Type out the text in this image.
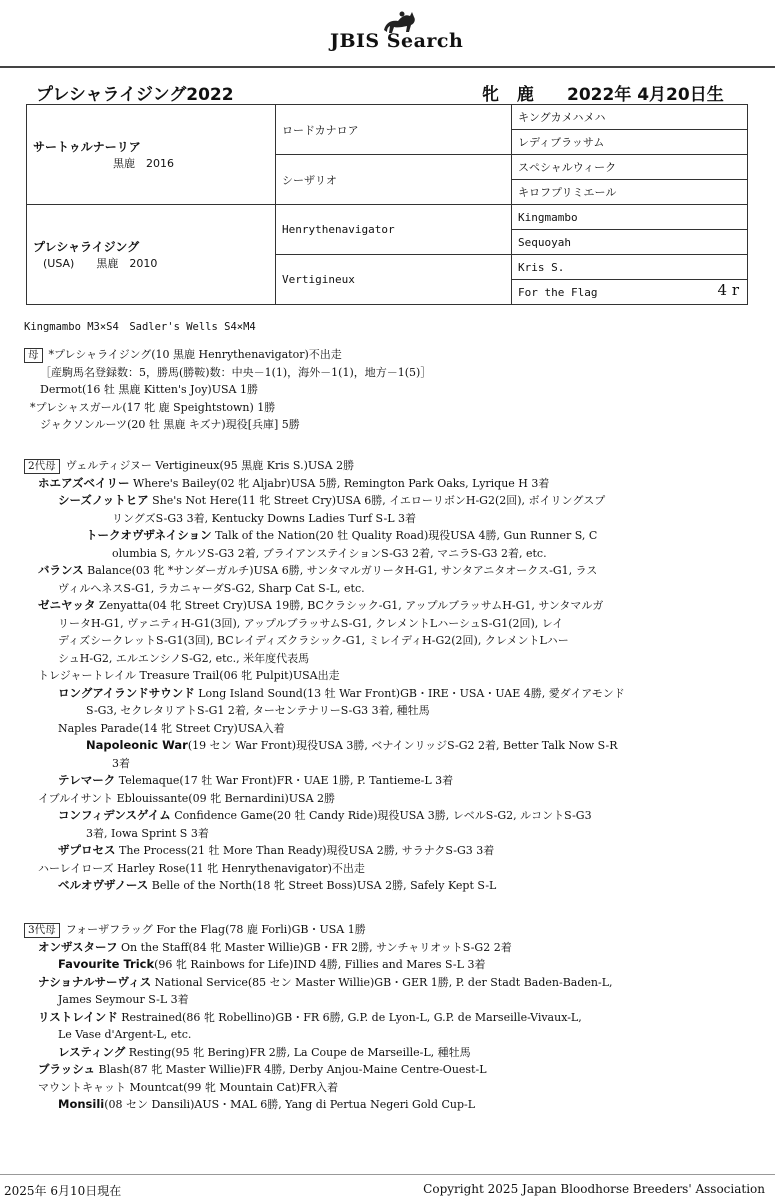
JBIS Search
プレシャライジング2022	牝 鹿 2022年 4月20日生
サートゥルナーリア
黒鹿　2016	ロードカナロア	キングカメハメハ
		レディブラッサム
	シーザリオ	スペシャルウィーク
		キロフプリミエール

プレシャライジング
(USA)　　黒鹿　2010	Henrythenavigator	Kingmambo
		Sequoyah
	Vertigineux	Kris S.
		For the Flag 4 r
Kingmambo M3×S4　Sadler's Wells S4×M4
母 *プレシャライジング(10 黒鹿 Henrythenavigator)不出走
［産駒馬名登録数：5，勝馬(勝鞍)数：中央－1(1)，海外－1(1)，地方－1(5)］
Dermot(16 牡 黒鹿 Kitten's Joy)USA 1勝
*プレシャスガール(17 牝 鹿 Speightstown) 1勝
ジャクソンルーツ(20 牡 黒鹿 キズナ)現役[兵庫] 5勝
2代母 ヴェルティジヌー Vertigineux(95 黒鹿 Kris S.)USA 2勝
ホエアズベイリー Where's Bailey(02 牝 Aljabr)USA 5勝, Remington Park Oaks, Lyrique H 3着
シーズノットヒア She's Not Here(11 牝 Street Cry)USA 6勝, イエローリボンH-G2(2回), ボイリングスプ
リングズS-G3 3着, Kentucky Downs Ladies Turf S-L 3着
トークオヴザネイション Talk of the Nation(20 牡 Quality Road)現役USA 4勝, Gun Runner S, C
olumbia S, ケルソS-G3 2着, ブライアンステイションS-G3 2着, マニラS-G3 2着, etc.
バランス Balance(03 牝 *サンダーガルチ)USA 6勝, サンタマルガリータH-G1, サンタアニタオークス-G1, ラス
ヴィルへネスS-G1, ラカニャーダS-G2, Sharp Cat S-L, etc.
ゼニヤッタ Zenyatta(04 牝 Street Cry)USA 19勝, BCクラシック-G1, アップルブラッサムH-G1, サンタマルガ
リータH-G1, ヴァニティH-G1(3回), アップルブラッサムS-G1, クレメントLハーシュS-G1(2回), レイ
ディズシークレットS-G1(3回), BCレイディズクラシック-G1, ミレイディH-G2(2回), クレメントLハー
シュH-G2, エルエンシノS-G2, etc., 米年度代表馬
トレジャートレイル Treasure Trail(06 牝 Pulpit)USA出走
ロングアイランドサウンド Long Island Sound(13 牡 War Front)GB・IRE・USA・UAE 4勝, 愛ダイアモンド
S-G3, セクレタリアトS-G1 2着, ターセンテナリーS-G3 3着, 種牡馬
Naples Parade(14 牝 Street Cry)USA入着
Napoleonic War(19 セン War Front)現役USA 3勝, ベナインリッジS-G2 2着, Better Talk Now S-R
3着
テレマーク Telemaque(17 牡 War Front)FR・UAE 1勝, P. Tantieme-L 3着
イブルイサント Eblouissante(09 牝 Bernardini)USA 2勝
コンフィデンスゲイム Confidence Game(20 牡 Candy Ride)現役USA 3勝, レベルS-G2, ルコントS-G3
3着, Iowa Sprint S 3着
ザプロセス The Process(21 牡 More Than Ready)現役USA 2勝, サラナクS-G3 3着
ハーレイローズ Harley Rose(11 牝 Henrythenavigator)不出走
ベルオヴザノース Belle of the North(18 牝 Street Boss)USA 2勝, Safely Kept S-L
3代母 フォーザフラッグ For the Flag(78 鹿 Forli)GB・USA 1勝
オンザスターフ On the Staff(84 牝 Master Willie)GB・FR 2勝, サンチャリオットS-G2 2着
Favourite Trick(96 牝 Rainbows for Life)IND 4勝, Fillies and Mares S-L 3着
ナショナルサーヴィス National Service(85 セン Master Willie)GB・GER 1勝, P. der Stadt Baden-Baden-L,
James Seymour S-L 3着
リストレインド Restrained(86 牝 Robellino)GB・FR 6勝, G.P. de Lyon-L, G.P. de Marseille-Vivaux-L,
Le Vase d'Argent-L, etc.
レスティング Resting(95 牝 Bering)FR 2勝, La Coupe de Marseille-L, 種牡馬
ブラッシュ Blash(87 牝 Master Willie)FR 4勝, Derby Anjou-Maine Centre-Ouest-L
マウントキャット Mountcat(99 牝 Mountain Cat)FR入着
Monsili(08 セン Dansili)AUS・MAL 6勝, Yang di Pertua Negeri Gold Cup-L
2025年 6月10日現在	Copyright 2025 Japan Bloodhorse Breeders' Association
